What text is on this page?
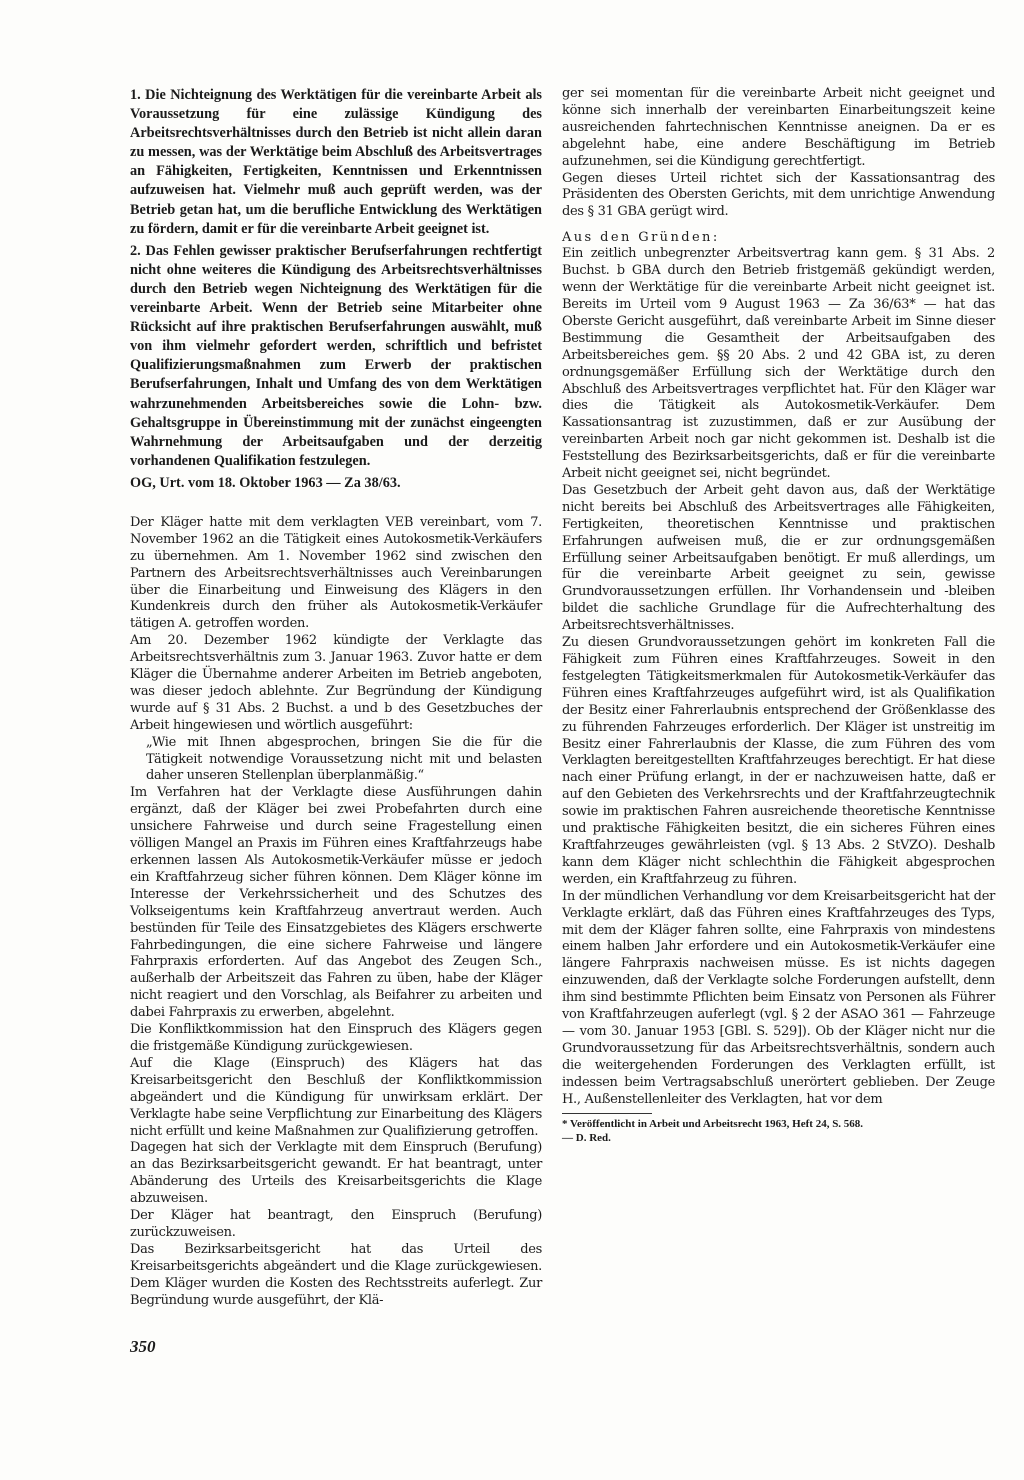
1. Die Nichteignung des Werktätigen für die vereinbarte Arbeit als Voraussetzung für eine zulässige Kündigung des Arbeitsrechtsverhältnisses durch den Betrieb ist nicht allein daran zu messen, was der Werktätige beim Abschluß des Arbeitsvertrages an Fähigkeiten, Fertigkeiten, Kenntnissen und Erkenntnissen aufzuweisen hat. Vielmehr muß auch geprüft werden, was der Betrieb getan hat, um die berufliche Entwicklung des Werktätigen zu fördern, damit er für die vereinbarte Arbeit geeignet ist.

2. Das Fehlen gewisser praktischer Berufserfahrungen rechtfertigt nicht ohne weiteres die Kündigung des Arbeitsrechtsverhältnisses durch den Betrieb wegen Nichteignung des Werktätigen für die vereinbarte Arbeit. Wenn der Betrieb seine Mitarbeiter ohne Rücksicht auf ihre praktischen Berufserfahrungen auswählt, muß von ihm vielmehr gefordert werden, schriftlich und befristet Qualifizierungsmaßnahmen zum Erwerb der praktischen Berufserfahrungen, Inhalt und Umfang des von dem Werktätigen wahrzunehmenden Arbeitsbereiches sowie die Lohn- bzw. Gehaltsgruppe in Übereinstimmung mit der zunächst eingeengten Wahrnehmung der Arbeitsaufgaben und der derzeitig vorhandenen Qualifikation festzulegen.

OG, Urt. vom 18. Oktober 1963 — Za 38/63.

Der Kläger hatte mit dem verklagten VEB vereinbart, vom 7. November 1962 an die Tätigkeit eines Autokosmetik-Verkäufers zu übernehmen. Am 1. November 1962 sind zwischen den Partnern des Arbeitsrechtsverhältnisses auch Vereinbarungen über die Einarbeitung und Einweisung des Klägers in den Kundenkreis durch den früher als Autokosmetik-Verkäufer tätigen A. getroffen worden.

Am 20. Dezember 1962 kündigte der Verklagte das Arbeitsrechtsverhältnis zum 3. Januar 1963. Zuvor hatte er dem Kläger die Übernahme anderer Arbeiten im Betrieb angeboten, was dieser jedoch ablehnte. Zur Begründung der Kündigung wurde auf § 31 Abs. 2 Buchst. a und b des Gesetzbuches der Arbeit hingewiesen und wörtlich ausgeführt:

„Wie mit Ihnen abgesprochen, bringen Sie die für die Tätigkeit notwendige Voraussetzung nicht mit und belasten daher unseren Stellenplan überplanmäßig.“

Im Verfahren hat der Verklagte diese Ausführungen dahin ergänzt, daß der Kläger bei zwei Probefahrten durch eine unsichere Fahrweise und durch seine Fragestellung einen völligen Mangel an Praxis im Führen eines Kraftfahrzeugs habe erkennen lassen Als Autokosmetik-Verkäufer müsse er jedoch ein Kraftfahrzeug sicher führen können. Dem Kläger könne im Interesse der Verkehrssicherheit und des Schutzes des Volkseigentums kein Kraftfahrzeug anvertraut werden. Auch bestünden für Teile des Einsatzgebietes des Klägers erschwerte Fahrbedingungen, die eine sichere Fahrweise und längere Fahrpraxis erforderten. Auf das Angebot des Zeugen Sch., außerhalb der Arbeitszeit das Fahren zu üben, habe der Kläger nicht reagiert und den Vorschlag, als Beifahrer zu arbeiten und dabei Fahrpraxis zu erwerben, abgelehnt.

Die Konfliktkommission hat den Einspruch des Klägers gegen die fristgemäße Kündigung zurückgewiesen.

Auf die Klage (Einspruch) des Klägers hat das Kreisarbeitsgericht den Beschluß der Konfliktkommission abgeändert und die Kündigung für unwirksam erklärt. Der Verklagte habe seine Verpflichtung zur Einarbeitung des Klägers nicht erfüllt und keine Maßnahmen zur Qualifizierung getroffen.

Dagegen hat sich der Verklagte mit dem Einspruch (Berufung) an das Bezirksarbeitsgericht gewandt. Er hat beantragt, unter Abänderung des Urteils des Kreisarbeitsgerichts die Klage abzuweisen.

Der Kläger hat beantragt, den Einspruch (Berufung) zurückzuweisen.

Das Bezirksarbeitsgericht hat das Urteil des Kreisarbeitsgerichts abgeändert und die Klage zurückgewiesen. Dem Kläger wurden die Kosten des Rechtsstreits auferlegt. Zur Begründung wurde ausgeführt, der Klä-

ger sei momentan für die vereinbarte Arbeit nicht geeignet und könne sich innerhalb der vereinbarten Einarbeitungszeit keine ausreichenden fahrtechnischen Kenntnisse aneignen. Da er es abgelehnt habe, eine andere Beschäftigung im Betrieb aufzunehmen, sei die Kündigung gerechtfertigt.

Gegen dieses Urteil richtet sich der Kassationsantrag des Präsidenten des Obersten Gerichts, mit dem unrichtige Anwendung des § 31 GBA gerügt wird.

Aus den Gründen:

Ein zeitlich unbegrenzter Arbeitsvertrag kann gem. § 31 Abs. 2 Buchst. b GBA durch den Betrieb fristgemäß gekündigt werden, wenn der Werktätige für die vereinbarte Arbeit nicht geeignet ist. Bereits im Urteil vom 9 August 1963 — Za 36/63* — hat das Oberste Gericht ausgeführt, daß vereinbarte Arbeit im Sinne dieser Bestimmung die Gesamtheit der Arbeitsaufgaben des Arbeitsbereiches gem. §§ 20 Abs. 2 und 42 GBA ist, zu deren ordnungsgemäßer Erfüllung sich der Werktätige durch den Abschluß des Arbeitsvertrages verpflichtet hat. Für den Kläger war dies die Tätigkeit als Autokosmetik-Verkäufer. Dem Kassationsantrag ist zuzustimmen, daß er zur Ausübung der vereinbarten Arbeit noch gar nicht gekommen ist. Deshalb ist die Feststellung des Bezirksarbeitsgerichts, daß er für die vereinbarte Arbeit nicht geeignet sei, nicht begründet.

Das Gesetzbuch der Arbeit geht davon aus, daß der Werktätige nicht bereits bei Abschluß des Arbeitsvertrages alle Fähigkeiten, Fertigkeiten, theoretischen Kenntnisse und praktischen Erfahrungen aufweisen muß, die er zur ordnungsgemäßen Erfüllung seiner Arbeitsaufgaben benötigt. Er muß allerdings, um für die vereinbarte Arbeit geeignet zu sein, gewisse Grundvoraussetzungen erfüllen. Ihr Vorhandensein und -bleiben bildet die sachliche Grundlage für die Aufrechterhaltung des Arbeitsrechtsverhältnisses.

Zu diesen Grundvoraussetzungen gehört im konkreten Fall die Fähigkeit zum Führen eines Kraftfahrzeuges. Soweit in den festgelegten Tätigkeitsmerkmalen für Autokosmetik-Verkäufer das Führen eines Kraftfahrzeuges aufgeführt wird, ist als Qualifikation der Besitz einer Fahrerlaubnis entsprechend der Größenklasse des zu führenden Fahrzeuges erforderlich. Der Kläger ist unstreitig im Besitz einer Fahrerlaubnis der Klasse, die zum Führen des vom Verklagten bereitgestellten Kraftfahrzeuges berechtigt. Er hat diese nach einer Prüfung erlangt, in der er nachzuweisen hatte, daß er auf den Gebieten des Verkehrsrechts und der Kraftfahrzeugtechnik sowie im praktischen Fahren ausreichende theoretische Kenntnisse und praktische Fähigkeiten besitzt, die ein sicheres Führen eines Kraftfahrzeuges gewährleisten (vgl. § 13 Abs. 2 StVZO). Deshalb kann dem Kläger nicht schlechthin die Fähigkeit abgesprochen werden, ein Kraftfahrzeug zu führen.

In der mündlichen Verhandlung vor dem Kreisarbeitsgericht hat der Verklagte erklärt, daß das Führen eines Kraftfahrzeuges des Typs, mit dem der Kläger fahren sollte, eine Fahrpraxis von mindestens einem halben Jahr erfordere und ein Autokosmetik-Verkäufer eine längere Fahrpraxis nachweisen müsse. Es ist nichts dagegen einzuwenden, daß der Verklagte solche Forderungen aufstellt, denn ihm sind bestimmte Pflichten beim Einsatz von Personen als Führer von Kraftfahrzeugen auferlegt (vgl. § 2 der ASAO 361 — Fahrzeuge — vom 30. Januar 1953 [GBl. S. 529]). Ob der Kläger nicht nur die Grundvoraussetzung für das Arbeitsrechtsverhältnis, sondern auch die weitergehenden Forderungen des Verklagten erfüllt, ist indessen beim Vertragsabschluß unerörtert geblieben. Der Zeuge H., Außenstellenleiter des Verklagten, hat vor dem

* Veröffentlicht in Arbeit und Arbeitsrecht 1963, Heft 24, S. 568.

— D. Red.

350
